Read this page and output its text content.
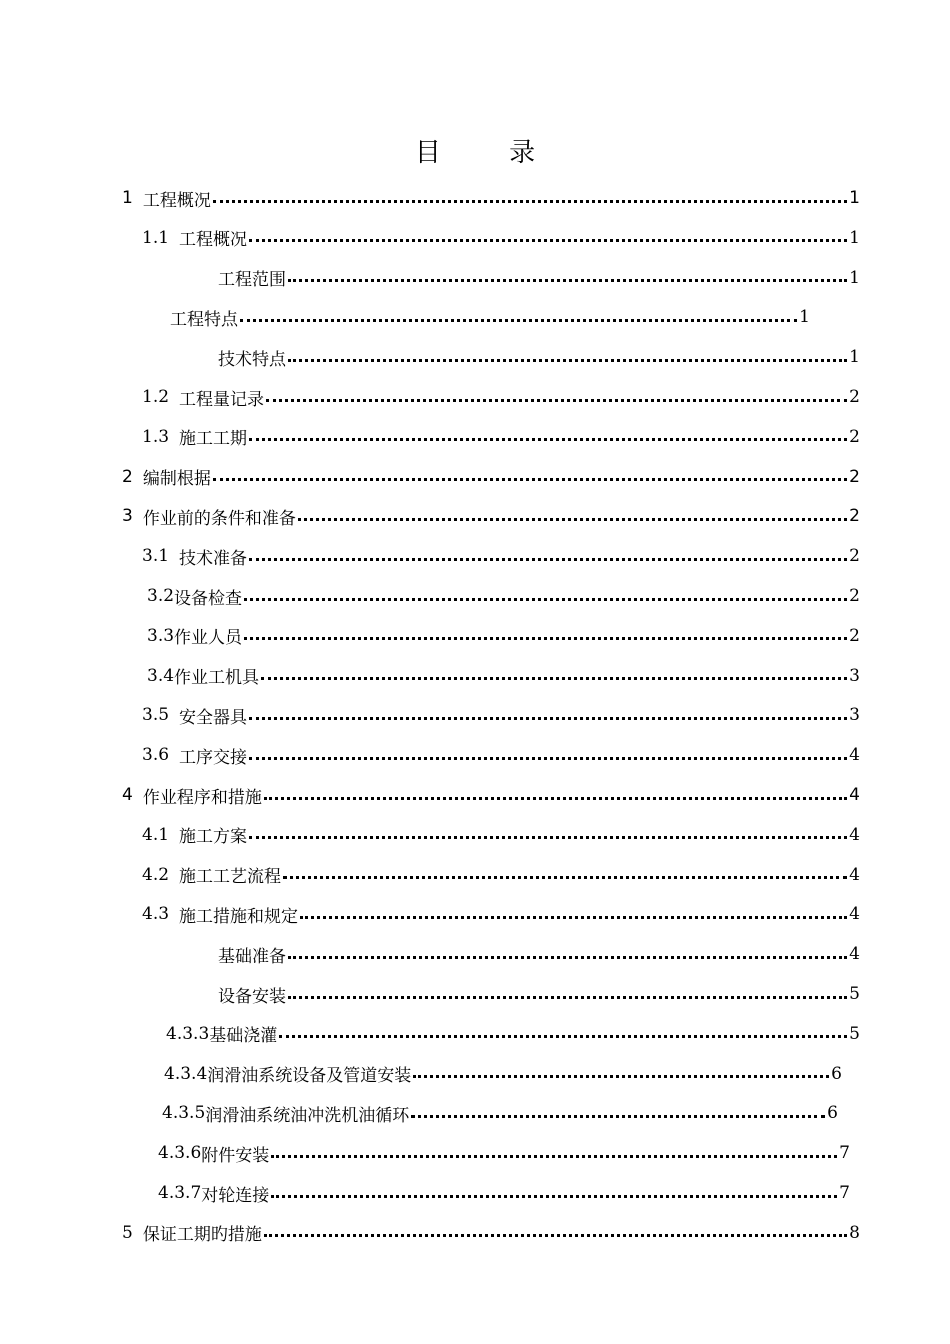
目 录
1 工程概况	1
1.1 工程概况	1
工程范围	1
工程特点	1
技术特点	1
1.2 工程量记录	2
1.3 施工工期	2
2 编制根据	2
3 作业前的条件和准备	2
3.1 技术准备	2
3.2 设备检查	2
3.3 作业人员	2
3.4 作业工机具	3
3.5 安全器具	3
3.6 工序交接	4
4 作业程序和措施	4
4.1 施工方案	4
4.2 施工工艺流程	4
4.3 施工措施和规定	4
基础准备	4
设备安装	5
4.3.3 基础浇灌	5
4.3.4 润滑油系统设备及管道安装	6
4.3.5 润滑油系统油冲洗机油循环	6
4.3.6 附件安装	7
4.3.7 对轮连接	7
5 保证工期旳措施	8
